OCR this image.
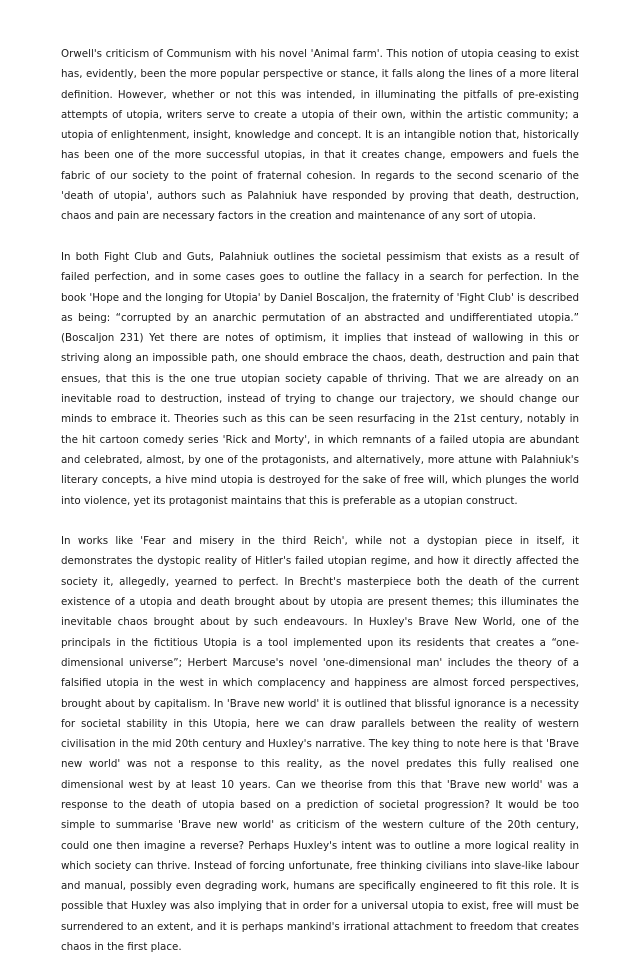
Orwell's criticism of Communism with his novel 'Animal farm'. This notion of utopia ceasing to exist has, evidently, been the more popular perspective or stance, it falls along the lines of a more literal definition. However, whether or not this was intended, in illuminating the pitfalls of pre-existing attempts of utopia, writers serve to create a utopia of their own, within the artistic community; a utopia of enlightenment, insight, knowledge and concept. It is an intangible notion that, historically has been one of the more successful utopias, in that it creates change, empowers and fuels the fabric of our society to the point of fraternal cohesion. In regards to the second scenario of the 'death of utopia', authors such as Palahniuk have responded by proving that death, destruction, chaos and pain are necessary factors in the creation and maintenance of any sort of utopia.

In both Fight Club and Guts, Palahniuk outlines the societal pessimism that exists as a result of failed perfection, and in some cases goes to outline the fallacy in a search for perfection. In the book 'Hope and the longing for Utopia' by Daniel Boscaljon, the fraternity of 'Fight Club' is described as being: “corrupted by an anarchic permutation of an abstracted and undifferentiated utopia.” (Boscaljon 231) Yet there are notes of optimism, it implies that instead of wallowing in this or striving along an impossible path, one should embrace the chaos, death, destruction and pain that ensues, that this is the one true utopian society capable of thriving. That we are already on an inevitable road to destruction, instead of trying to change our trajectory, we should change our minds to embrace it. Theories such as this can be seen resurfacing in the 21st century, notably in the hit cartoon comedy series 'Rick and Morty', in which remnants of a failed utopia are abundant and celebrated, almost, by one of the protagonists, and alternatively, more attune with Palahniuk's literary concepts, a hive mind utopia is destroyed for the sake of free will, which plunges the world into violence, yet its protagonist maintains that this is preferable as a utopian construct.

In works like 'Fear and misery in the third Reich', while not a dystopian piece in itself, it demonstrates the dystopic reality of Hitler's failed utopian regime, and how it directly affected the society it, allegedly, yearned to perfect. In Brecht's masterpiece both the death of the current existence of a utopia and death brought about by utopia are present themes; this illuminates the inevitable chaos brought about by such endeavours. In Huxley's Brave New World, one of the principals in the fictitious Utopia is a tool implemented upon its residents that creates a “one-dimensional universe”; Herbert Marcuse's novel 'one-dimensional man' includes the theory of a falsified utopia in the west in which complacency and happiness are almost forced perspectives, brought about by capitalism. In 'Brave new world' it is outlined that blissful ignorance is a necessity for societal stability in this Utopia, here we can draw parallels between the reality of western civilisation in the mid 20th century and Huxley's narrative. The key thing to note here is that 'Brave new world' was not a response to this reality, as the novel predates this fully realised one dimensional west by at least 10 years. Can we theorise from this that 'Brave new world' was a response to the death of utopia based on a prediction of societal progression? It would be too simple to summarise 'Brave new world' as criticism of the western culture of the 20th century, could one then imagine a reverse? Perhaps Huxley's intent was to outline a more logical reality in which society can thrive. Instead of forcing unfortunate, free thinking civilians into slave-like labour and manual, possibly even degrading work, humans are specifically engineered to fit this role. It is possible that Huxley was also implying that in order for a universal utopia to exist, free will must be surrendered to an extent, and it is perhaps mankind's irrational attachment to freedom that creates chaos in the first place.
